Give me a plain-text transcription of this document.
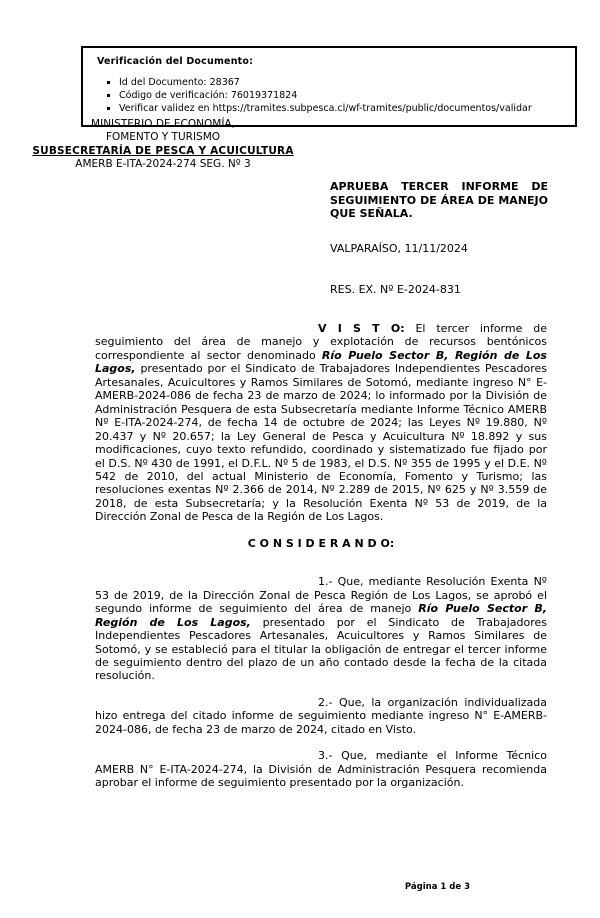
Verificación del Documento:
▪ Id del Documento: 28367
▪ Código de verificación: 76019371824
▪ Verificar validez en https://tramites.subpesca.cl/wf-tramites/public/documentos/validar
MINISTERIO DE ECONOMÍA,
FOMENTO Y TURISMO
SUBSECRETARÍA DE PESCA Y ACUICULTURA
AMERB E-ITA-2024-274 SEG. Nº 3

APRUEBA TERCER INFORME DE SEGUIMIENTO DE ÁREA DE MANEJO QUE SEÑALA.

VALPARAÍSO, 11/11/2024

RES. EX. Nº E-2024-831

V I S T O: El tercer informe de seguimiento del área de manejo y explotación de recursos bentónicos correspondiente al sector denominado Río Puelo Sector B, Región de Los Lagos, presentado por el Sindicato de Trabajadores Independientes Pescadores Artesanales, Acuicultores y Ramos Similares de Sotomó, mediante ingreso N° E-AMERB-2024-086 de fecha 23 de marzo de 2024; lo informado por la División de Administración Pesquera de esta Subsecretaría mediante Informe Técnico AMERB Nº E-ITA-2024-274, de fecha 14 de octubre de 2024; las Leyes Nº 19.880, Nº 20.437 y Nº 20.657; la Ley General de Pesca y Acuicultura Nº 18.892 y sus modificaciones, cuyo texto refundido, coordinado y sistematizado fue fijado por el D.S. Nº 430 de 1991, el D.F.L. Nº 5 de 1983, el D.S. Nº 355 de 1995 y el D.E. Nº 542 de 2010, del actual Ministerio de Economía, Fomento y Turismo; las resoluciones exentas Nº 2.366 de 2014, Nº 2.289 de 2015, Nº 625 y Nº 3.559 de 2018, de esta Subsecretaría; y la Resolución Exenta Nº 53 de 2019, de la Dirección Zonal de Pesca de la Región de Los Lagos.

C O N S I D E R A N D O:

1.- Que, mediante Resolución Exenta Nº 53 de 2019, de la Dirección Zonal de Pesca Región de Los Lagos, se aprobó el segundo informe de seguimiento del área de manejo Río Puelo Sector B, Región de Los Lagos, presentado por el Sindicato de Trabajadores Independientes Pescadores Artesanales, Acuicultores y Ramos Similares de Sotomó, y se estableció para el titular la obligación de entregar el tercer informe de seguimiento dentro del plazo de un año contado desde la fecha de la citada resolución.

2.- Que, la organización individualizada hizo entrega del citado informe de seguimiento mediante ingreso N° E-AMERB-2024-086, de fecha 23 de marzo de 2024, citado en Visto.

3.- Que, mediante el Informe Técnico AMERB N° E-ITA-2024-274, la División de Administración Pesquera recomienda aprobar el informe de seguimiento presentado por la organización.

Página 1 de 3
